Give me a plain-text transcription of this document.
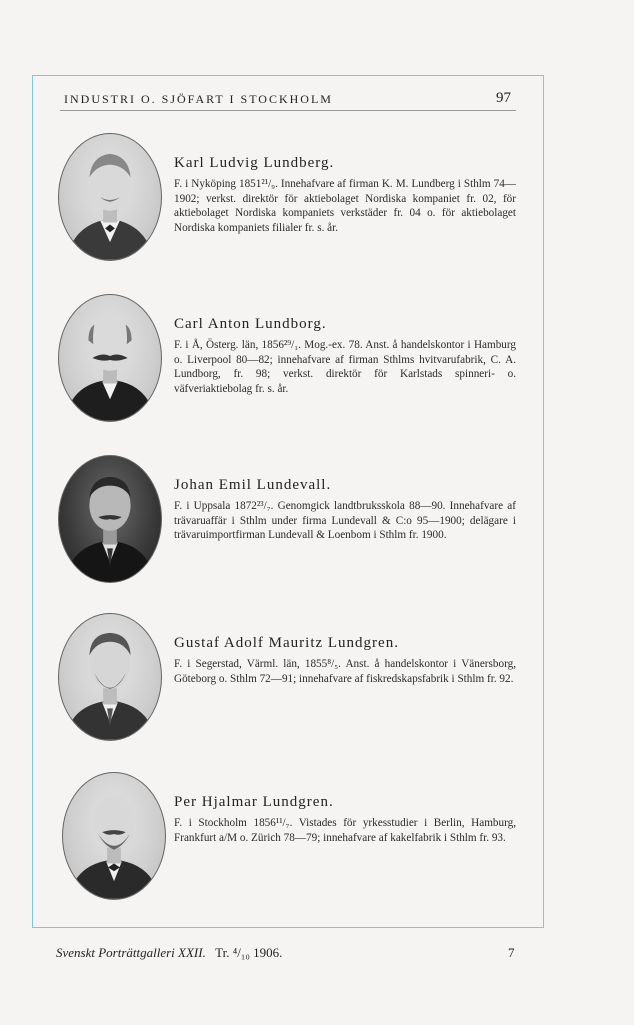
INDUSTRI O. SJÖFART I STOCKHOLM	97
Karl Ludvig Lundberg.
F. i Nyköping 1851²¹/₉. Innehafvare af firman K. M. Lundberg i Sthlm 74—1902; verkst. direktör för aktiebolaget Nordiska kompaniet fr. 02, för aktiebolaget Nordiska kompaniets verkstäder fr. 04 o. för aktiebolaget Nordiska kompaniets filialer fr. s. år.
Carl Anton Lundborg.
F. i Å, Österg. län, 1856²⁹/₁. Mog.-ex. 78. Anst. å handelskontor i Hamburg o. Liverpool 80—82; innehafvare af firman Sthlms hvitvarufabrik, C. A. Lundborg, fr. 98; verkst. direktör för Karlstads spinneri- o. väfveriaktiebolag fr. s. år.
Johan Emil Lundevall.
F. i Uppsala 1872²³/₇. Genomgick landtbruksskola 88—90. Innehafvare af trävaruaffär i Sthlm under firma Lundevall & C:o 95—1900; delägare i trävaruimportfirman Lundevall & Loenbom i Sthlm fr. 1900.
Gustaf Adolf Mauritz Lundgren.
F. i Segerstad, Värml. län, 1855⁸/₅. Anst. å handelskontor i Vänersborg, Göteborg o. Sthlm 72—91; innehafvare af fiskredskapsfabrik i Sthlm fr. 92.
Per Hjalmar Lundgren.
F. i Stockholm 1856¹¹/₇. Vistades för yrkesstudier i Berlin, Hamburg, Frankfurt a/M o. Zürich 78—79; innehafvare af kakelfabrik i Sthlm fr. 93.
Svenskt Porträttgalleri XXII. Tr. ⁴/₁₀ 1906.	7
